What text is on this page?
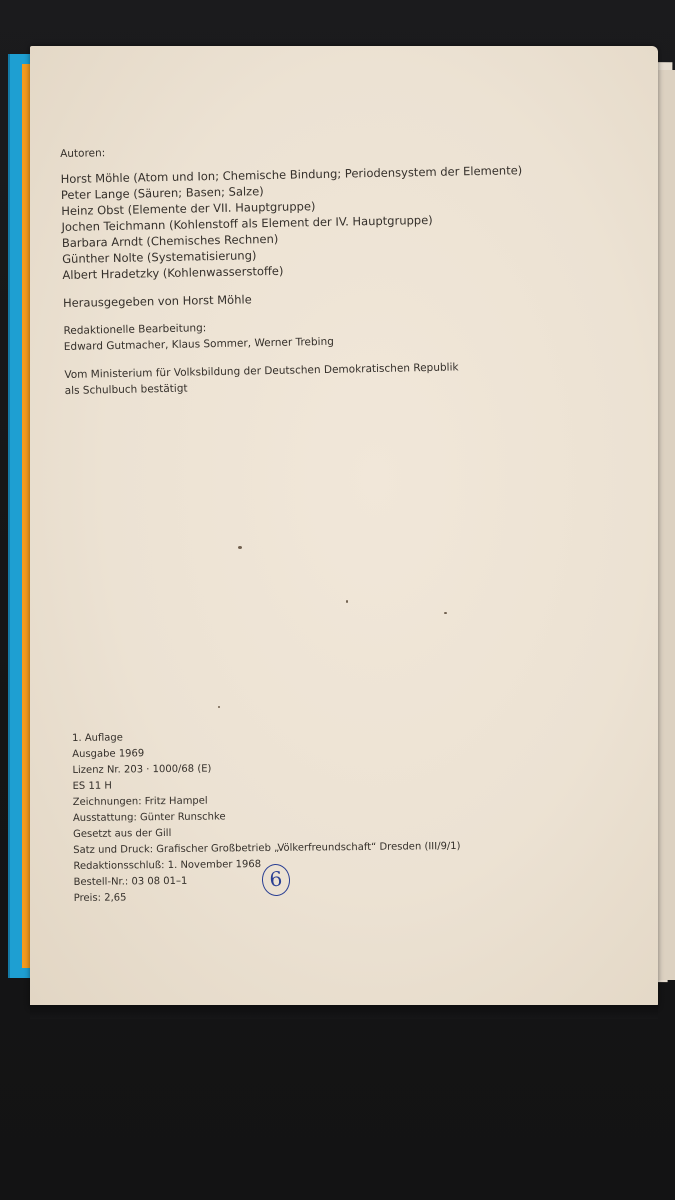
Autoren:
Horst Möhle (Atom und Ion; Chemische Bindung; Periodensystem der Elemente)
Peter Lange (Säuren; Basen; Salze)
Heinz Obst (Elemente der VII. Hauptgruppe)
Jochen Teichmann (Kohlenstoff als Element der IV. Hauptgruppe)
Barbara Arndt (Chemisches Rechnen)
Günther Nolte (Systematisierung)
Albert Hradetzky (Kohlenwasserstoffe)
Herausgegeben von Horst Möhle
Redaktionelle Bearbeitung:
Edward Gutmacher, Klaus Sommer, Werner Trebing
Vom Ministerium für Volksbildung der Deutschen Demokratischen Republik
als Schulbuch bestätigt
1. Auflage
Ausgabe 1969
Lizenz Nr. 203 · 1000/68 (E)
ES 11 H
Zeichnungen: Fritz Hampel
Ausstattung: Günter Runschke
Gesetzt aus der Gill
Satz und Druck: Grafischer Großbetrieb „Völkerfreundschaft“ Dresden (III/9/1)
Redaktionsschluß: 1. November 1968
Bestell-Nr.: 03 08 01–1
Preis: 2,65
6
